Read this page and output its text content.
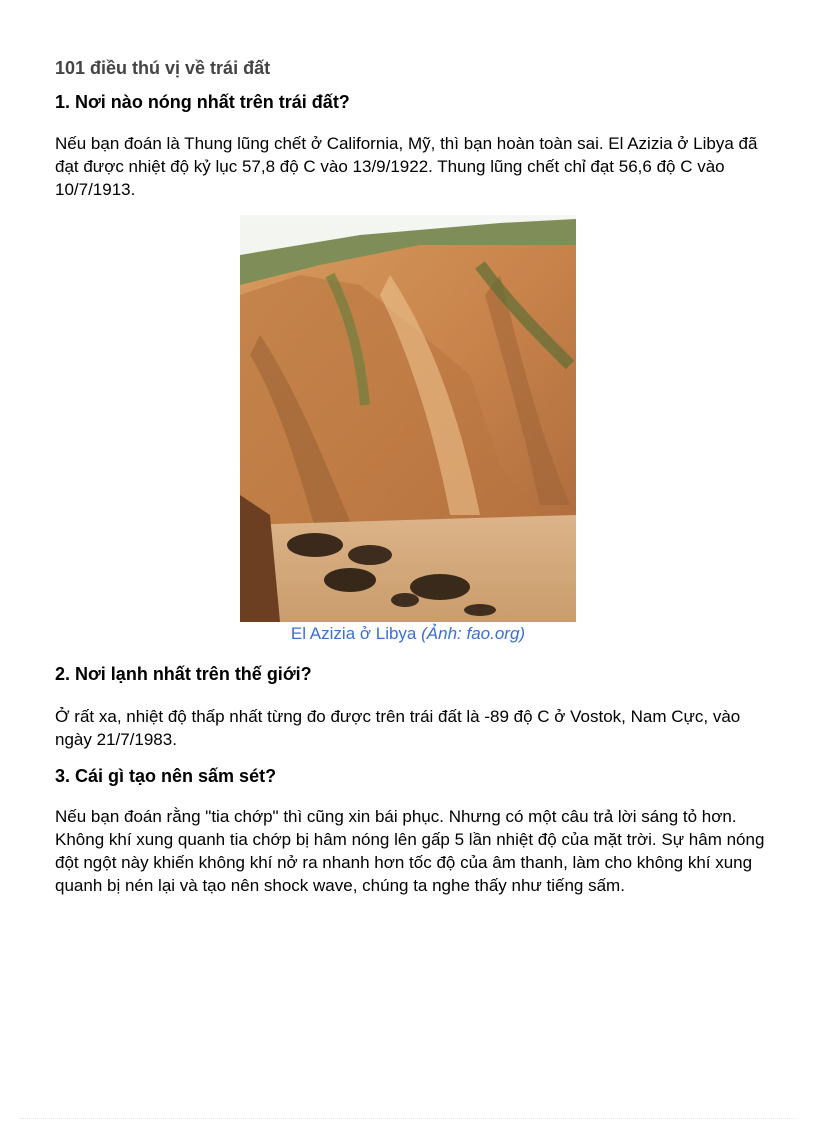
101 điều thú vị về trái đất
1. Nơi nào nóng nhất trên trái đất?
Nếu bạn đoán là Thung lũng chết ở California, Mỹ, thì bạn hoàn toàn sai. El Azizia ở Libya đã đạt được nhiệt độ kỷ lục 57,8 độ C vào 13/9/1922. Thung lũng chết chỉ đạt 56,6 độ C vào 10/7/1913.
El Azizia ở Libya (Ảnh: fao.org)
2. Nơi lạnh nhất trên thế giới?
Ở rất xa, nhiệt độ thấp nhất từng đo được trên trái đất là -89 độ C ở Vostok, Nam Cực, vào ngày 21/7/1983.
3. Cái gì tạo nên sấm sét?
Nếu bạn đoán rằng "tia chớp" thì cũng xin bái phục. Nhưng có một câu trả lời sáng tỏ hơn. Không khí xung quanh tia chớp bị hâm nóng lên gấp 5 lần nhiệt độ của mặt trời. Sự hâm nóng đột ngột này khiến không khí nở ra nhanh hơn tốc độ của âm thanh, làm cho không khí xung quanh bị nén lại và tạo nên shock wave, chúng ta nghe thấy như tiếng sấm.
